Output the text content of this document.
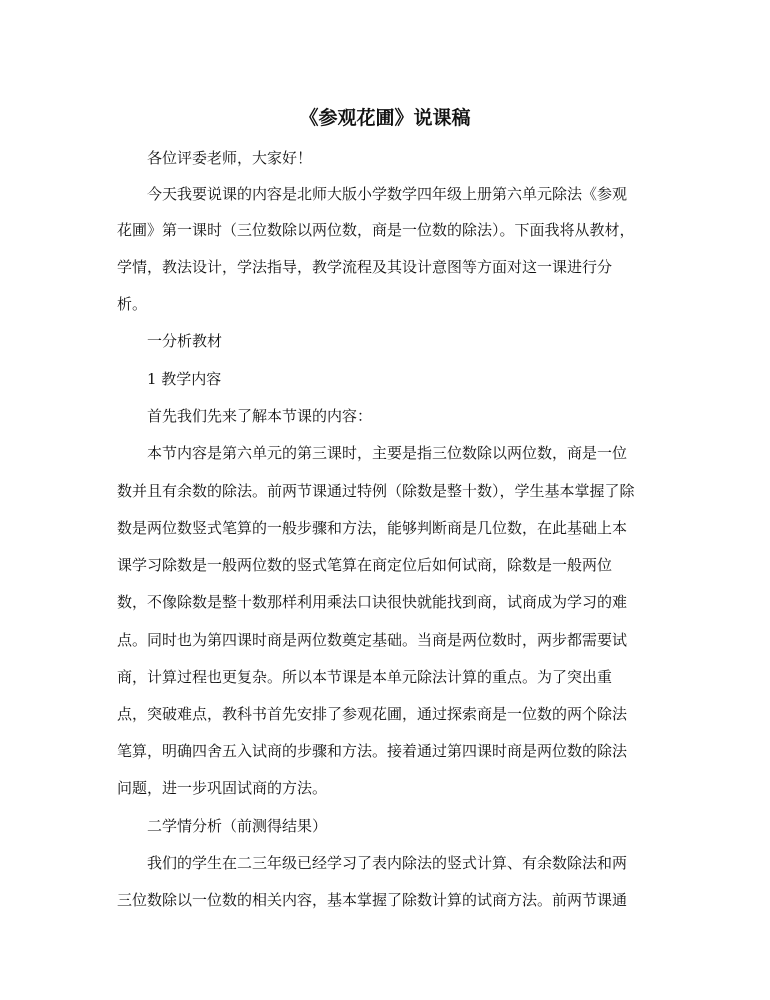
《参观花圃》说课稿

各位评委老师，大家好！

今天我要说课的内容是北师大版小学数学四年级上册第六单元除法《参观

花圃》第一课时（三位数除以两位数，商是一位数的除法）。下面我将从教材，

学情，教法设计，学法指导，教学流程及其设计意图等方面对这一课进行分

析。

一分析教材

1 教学内容

首先我们先来了解本节课的内容：

本节内容是第六单元的第三课时，主要是指三位数除以两位数，商是一位

数并且有余数的除法。前两节课通过特例（除数是整十数），学生基本掌握了除

数是两位数竖式笔算的一般步骤和方法，能够判断商是几位数，在此基础上本

课学习除数是一般两位数的竖式笔算在商定位后如何试商，除数是一般两位

数，不像除数是整十数那样利用乘法口诀很快就能找到商，试商成为学习的难

点。同时也为第四课时商是两位数奠定基础。当商是两位数时，两步都需要试

商，计算过程也更复杂。所以本节课是本单元除法计算的重点。为了突出重

点，突破难点，教科书首先安排了参观花圃，通过探索商是一位数的两个除法

笔算，明确四舍五入试商的步骤和方法。接着通过第四课时商是两位数的除法

问题，进一步巩固试商的方法。

二学情分析（前测得结果）

我们的学生在二三年级已经学习了表内除法的竖式计算、有余数除法和两

三位数除以一位数的相关内容，基本掌握了除数计算的试商方法。前两节课通
